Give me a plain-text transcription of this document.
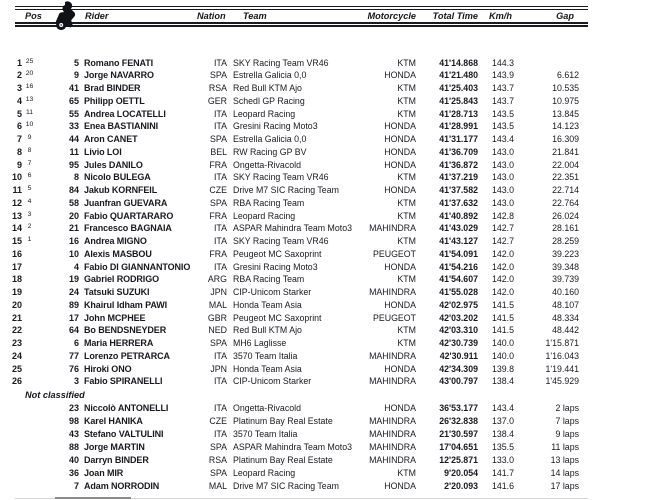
Pos	Rider	Nation Team	Motorcycle	Total Time Km/h	Gap
1 25	5 Romano FENATI	ITA SKY Racing Team VR46	KTM	41'14.868	144.3
2 20	9 Jorge NAVARRO	SPA Estrella Galicia 0,0	HONDA	41'21.480	143.9	6.612
3 16	41 Brad BINDER	RSA Red Bull KTM Ajo	KTM	41'25.403	143.7	10.535
4 13	65 Philipp OETTL	GER Schedl GP Racing	KTM	41'25.843	143.7	10.975
5 11	55 Andrea LOCATELLI	ITA Leopard Racing	KTM	41'28.713	143.5	13.845
6 10	33 Enea BASTIANINI	ITA Gresini Racing Moto3	HONDA	41'28.991	143.5	14.123
7 9	44 Aron CANET	SPA Estrella Galicia 0,0	HONDA	41'31.177	143.4	16.309
8 8	11 Livio LOI	BEL RW Racing GP BV	HONDA	41'36.709	143.0	21.841
9 7	95 Jules DANILO	FRA Ongetta-Rivacold	HONDA	41'36.872	143.0	22.004
10 6	8 Nicolo BULEGA	ITA SKY Racing Team VR46	KTM	41'37.219	143.0	22.351
11 5	84 Jakub KORNFEIL	CZE Drive M7 SIC Racing Team	HONDA	41'37.582	143.0	22.714
12 4	58 Juanfran GUEVARA	SPA RBA Racing Team	KTM	41'37.632	143.0	22.764
13 3	20 Fabio QUARTARARO	FRA Leopard Racing	KTM	41'40.892	142.8	26.024
14 2	21 Francesco BAGNAIA	ITA ASPAR Mahindra Team Moto3	MAHINDRA	41'43.029	142.7	28.161
15 1	16 Andrea MIGNO	ITA SKY Racing Team VR46	KTM	41'43.127	142.7	28.259
16	10 Alexis MASBOU	FRA Peugeot MC Saxoprint	PEUGEOT	41'54.091	142.0	39.223
17	4 Fabio DI GIANNANTONIO	ITA Gresini Racing Moto3	HONDA	41'54.216	142.0	39.348
18	19 Gabriel RODRIGO	ARG RBA Racing Team	KTM	41'54.607	142.0	39.739
19	24 Tatsuki SUZUKI	JPN CIP-Unicom Starker	MAHINDRA	41'55.028	142.0	40.160
20	89 Khairul Idham PAWI	MAL Honda Team Asia	HONDA	42'02.975	141.5	48.107
21	17 John MCPHEE	GBR Peugeot MC Saxoprint	PEUGEOT	42'03.202	141.5	48.334
22	64 Bo BENDSNEYDER	NED Red Bull KTM Ajo	KTM	42'03.310	141.5	48.442
23	6 Maria HERRERA	SPA MH6 Laglisse	KTM	42'30.739	140.0	1'15.871
24	77 Lorenzo PETRARCA	ITA 3570 Team Italia	MAHINDRA	42'30.911	140.0	1'16.043
25	76 Hiroki ONO	JPN Honda Team Asia	HONDA	42'34.309	139.8	1'19.441
26	3 Fabio SPIRANELLI	ITA CIP-Unicom Starker	MAHINDRA	43'00.797	138.4	1'45.929
Not classified
23 Niccolò ANTONELLI	ITA Ongetta-Rivacold	HONDA	36'53.177	143.4	2 laps
98 Karel HANIKA	CZE Platinum Bay Real Estate	MAHINDRA	26'32.838	137.0	7 laps
43 Stefano VALTULINI	ITA 3570 Team Italia	MAHINDRA	21'30.597	138.4	9 laps
88 Jorge MARTIN	SPA ASPAR Mahindra Team Moto3	MAHINDRA	17'04.651	135.5	11 laps
40 Darryn BINDER	RSA Platinum Bay Real Estate	MAHINDRA	12'25.871	133.0	13 laps
36 Joan MIR	SPA Leopard Racing	KTM	9'20.054	141.7	14 laps
7 Adam NORRODIN	MAL Drive M7 SIC Racing Team	HONDA	2'20.093	141.6	17 laps
